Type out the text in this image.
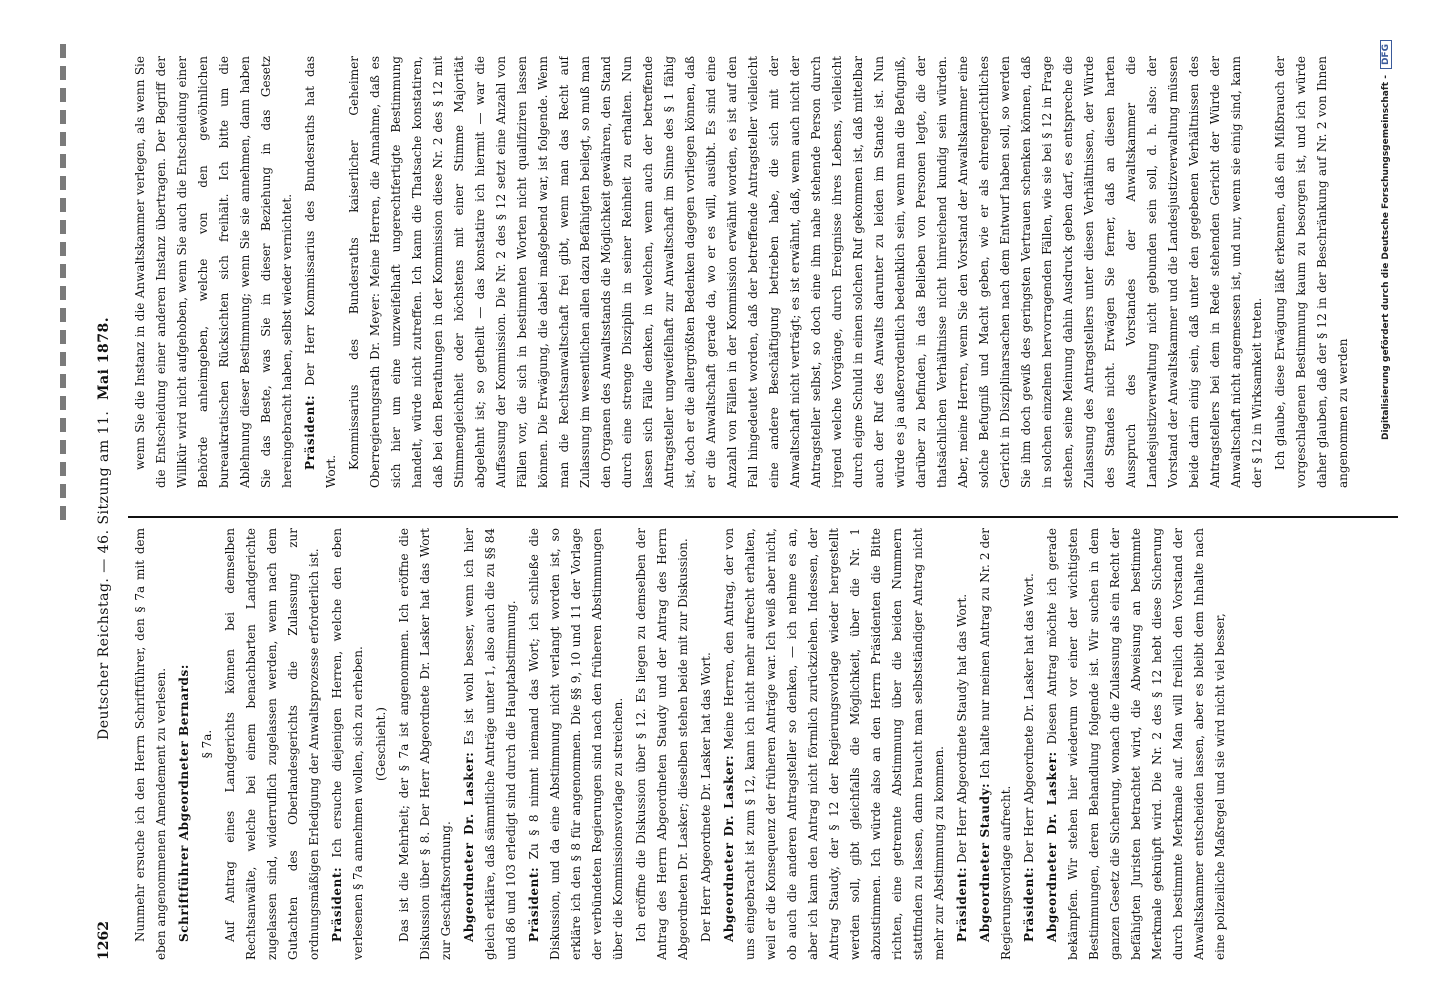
1262
Deutscher Reichstag. — 46. Sitzung am 11.
Mai 1878.

Nunmehr ersuche ich den Herrn Schriftführer, den § 7a mit dem eben angenommenen Amendement zu verlesen. Schriftführer Abgeordneter Bernards: § 7a. Auf Antrag eines Landgerichts können bei demselben Rechtsanwälte, welche bei einem benachbarten Landgerichte zugelassen sind, widerruflich zugelassen werden, wenn nach dem Gutachten des Oberlandesgerichts die Zulassung zur ordnungsmäßigen Erledigung der Anwaltsprozesse erforderlich ist. Präsident: Ich ersuche diejenigen Herren, welche den eben verlesenen § 7a annehmen wollen, sich zu erheben. (Geschieht.) Das ist die Mehrheit; der § 7a ist angenommen. Ich eröffne die Diskussion über § 8. Der Herr Abgeordnete Dr. Lasker hat das Wort zur Geschäftsordnung. Abgeordneter Dr. Lasker: Es ist wohl besser, wenn ich hier gleich erkläre, daß sämmtliche Anträge unter 1, also auch die zu §§ 84 und 86 und 103 erledigt sind durch die Hauptabstimmung. Präsident: Zu § 8 nimmt niemand das Wort; ich schließe die Diskussion, und da eine Abstimmung nicht verlangt worden ist, so erkläre ich den § 8 für angenommen. Die §§ 9, 10 und 11 der Vorlage der verbündeten Regierungen sind nach den früheren Abstimmungen über die Kommissionsvorlage zu streichen. Ich eröffne die Diskussion über § 12. Es liegen zu demselben der Antrag des Herrn Abgeordneten Staudy und der Antrag des Herrn Abgeordneten Dr. Lasker; dieselben stehen beide mit zur Diskussion. Der Herr Abgeordnete Dr. Lasker hat das Wort. Abgeordneter Dr. Lasker: Meine Herren, den Antrag, der von uns eingebracht ist zum § 12, kann ich nicht mehr aufrecht erhalten, weil er die Konsequenz der früheren Anträge war. Ich weiß aber nicht, ob auch die anderen Antragsteller so denken, — ich nehme es an, aber ich kann den Antrag nicht förmlich zurückziehen. Indessen, der Antrag Staudy, der § 12 der Regierungsvorlage wieder hergestellt werden soll, gibt gleichfalls die Möglichkeit, über die Nr. 1 abzustimmen. Ich würde also an den Herrn Präsidenten die Bitte richten, eine getrennte Abstimmung über die beiden Nummern stattfinden zu lassen, dann braucht man selbstständiger Antrag nicht mehr zur Abstimmung zu kommen. Präsident: Der Herr Abgeordnete Staudy hat das Wort. Abgeordneter Staudy: Ich halte nur meinen Antrag zu Nr. 2 der Regierungsvorlage aufrecht. Präsident: Der Herr Abgeordnete Dr. Lasker hat das Wort. Abgeordneter Dr. Lasker: Diesen Antrag möchte ich gerade bekämpfen. Wir stehen hier wiederum vor einer der wichtigsten Bestimmungen, deren Behandlung folgende ist. Wir suchen in dem ganzen Gesetz die Sicherung, wonach die Zulassung als ein Recht der befähigten Juristen betrachtet wird, die Abweisung an bestimmte Merkmale geknüpft wird. Die Nr. 2 des § 12 hebt diese Sicherung durch bestimmte Merkmale auf. Man will freilich den Vorstand der Anwaltskammer entscheiden lassen, aber es bleibt dem Inhalte nach eine polizeiliche Maßregel und sie wird nicht viel besser,

wenn Sie die Instanz in die Anwaltskammer verlegen, als wenn Sie die Entscheidung einer anderen Instanz übertragen. Der Begriff der Willkür wird nicht aufgehoben, wenn Sie auch die Entscheidung einer Behörde anheimgeben, welche von den gewöhnlichen bureaukratischen Rücksichten sich freihält. Ich bitte um die Ablehnung dieser Bestimmung; wenn Sie sie annehmen, dann haben Sie das Beste, was Sie in dieser Beziehung in das Gesetz hereingebracht haben, selbst wieder vernichtet. Präsident: Der Herr Kommissarius des Bundesraths hat das Wort.

Kommissarius des Bundesraths kaiserlicher Geheimer Oberregierungsrath Dr. Meyer: Meine Herren, die Annahme, daß es sich hier um eine unzweifelhaft ungerechtfertigte Bestimmung handelt, würde nicht zutreffen. Ich kann die Thatsache konstatiren, daß bei den Berathungen in der Kommission diese Nr. 2 des § 12 mit Stimmengleichheit oder höchstens mit einer Stimme Majorität abgelehnt ist; so getheilt — das konstatire ich hiermit — war die Auffassung der Kommission. Die Nr. 2 des § 12 setzt eine Anzahl von Fällen vor, die sich in bestimmten Worten nicht qualifiziren lassen können. Die Erwägung, die dabei maßgebend war, ist folgende. Wenn man die Rechtsanwaltschaft frei gibt, wenn man das Recht auf Zulassung im wesentlichen allen dazu Befähigten beilegt, so muß man den Organen des Anwaltsstands die Möglichkeit gewähren, den Stand durch eine strenge Disziplin in seiner Reinheit zu erhalten. Nun lassen sich Fälle denken, in welchen, wenn auch der betreffende Antragsteller ungweifelhaft zur Anwaltschaft im Sinne des § 1 fähig ist, doch er die allergrößten Bedenken dagegen vorliegen können, daß er die Anwaltschaft gerade da, wo er es will, ausübt. Es sind eine Anzahl von Fällen in der Kommission erwähnt worden, es ist auf den Fall hingedeutet worden, daß der betreffende Antragsteller vielleicht eine andere Beschäftigung betrieben habe, die sich mit der Anwaltschaft nicht verträgt; es ist erwähnt, daß, wenn auch nicht der Antragsteller selbst, so doch eine ihm nahe stehende Person durch irgend welche Vorgänge, durch Ereignisse ihres Lebens, vielleicht durch eigne Schuld in einen solchen Ruf gekommen ist, daß mittelbar auch der Ruf des Anwalts darunter zu leiden im Stande ist. Nun würde es ja außerordentlich bedenklich sein, wenn man die Befugniß, darüber zu befinden, in das Belieben von Personen legte, die der thatsächlichen Verhältnisse nicht hinreichend kundig sein würden. Aber, meine Herren, wenn Sie den Vorstand der Anwaltskammer eine solche Befugniß und Macht geben, wie er als ehrengerichtliches Gericht in Disziplinarsachen nach dem Entwurf haben soll, so werden Sie ihm doch gewiß des geringsten Vertrauen schenken können, daß in solchen einzelnen hervorragenden Fällen, wie sie bei § 12 in Frage stehen, seine Meinung dahin Ausdruck geben darf, es entspreche die Zulassung des Antragstellers unter diesen Verhältnissen, der Würde des Standes nicht. Erwägen Sie ferner, daß an diesen harten Ausspruch des Vorstandes der Anwaltskammer die Landesjustizverwaltung nicht gebunden sein soll, d. h. also: der Vorstand der Anwaltskammer und die Landesjustizverwaltung müssen beide darin einig sein, daß unter den gegebenen Verhältnissen des Antragstellers bei dem in Rede stehenden Gericht der Würde der Anwaltschaft nicht angemessen ist, und nur, wenn sie einig sind, kann der § 12 in Wirksamkeit treten. Ich glaube, diese Erwägung läßt erkennen, daß ein Mißbrauch der vorgeschlagenen Bestimmung kaum zu besorgen ist, und ich würde daher glauben, daß der § 12 in der Beschränkung auf Nr. 2 von Ihnen angenommen zu werden	Digitalisierung gefördert durch die Deutsche Forschungsgemeinschaft -DFG
